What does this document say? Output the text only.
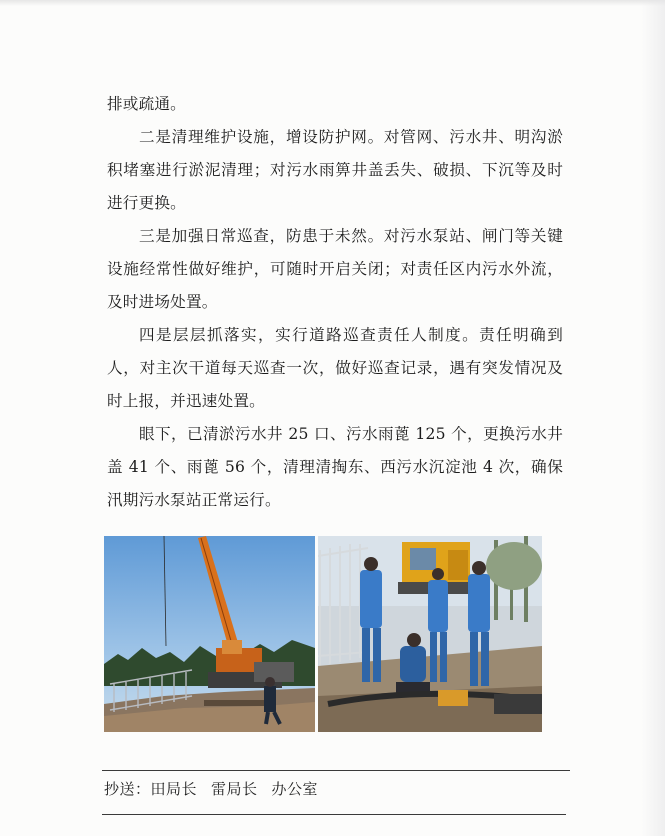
排或疏通。

二是清理维护设施，增设防护网。对管网、污水井、明沟淤积堵塞进行淤泥清理；对污水雨箅井盖丢失、破损、下沉等及时进行更换。

三是加强日常巡查，防患于未然。对污水泵站、闸门等关键设施经常性做好维护，可随时开启关闭；对责任区内污水外流，及时进场处置。

四是层层抓落实，实行道路巡查责任人制度。责任明确到人，对主次干道每天巡查一次，做好巡查记录，遇有突发情况及时上报，并迅速处置。

眼下，已清淤污水井 25 口、污水雨蓖 125 个，更换污水井盖 41 个、雨蓖 56 个，清理清掏东、西污水沉淀池 4 次，确保汛期污水泵站正常运行。

抄送：田局长 雷局长 办公室
